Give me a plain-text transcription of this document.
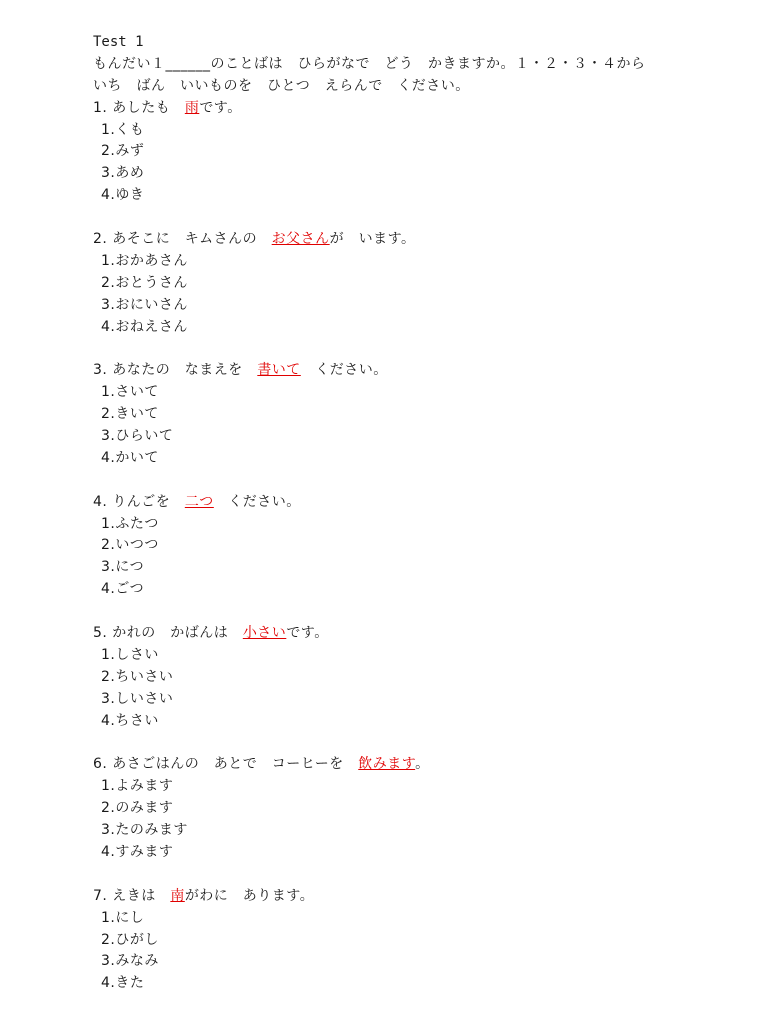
Test 1
もんだい１______のことばは　ひらがなで　どう　かきますか。１・２・３・４から
いち　ばん　いいものを　ひとつ　えらんで　ください。
1. あしたも　雨です。
1.くも
2.みず
3.あめ
4.ゆき
2. あそこに　キムさんの　お父さんが　います。
1.おかあさん
2.おとうさん
3.おにいさん
4.おねえさん
3. あなたの　なまえを　書いて　ください。
1.さいて
2.きいて
3.ひらいて
4.かいて
4. りんごを　二つ　ください。
1.ふたつ
2.いつつ
3.につ
4.ごつ
5. かれの　かばんは　小さいです。
1.しさい
2.ちいさい
3.しいさい
4.ちさい
6. あさごはんの　あとで　コーヒーを　飲みます。
1.よみます
2.のみます
3.たのみます
4.すみます
7. えきは　南がわに　あります。
1.にし
2.ひがし
3.みなみ
4.きた
